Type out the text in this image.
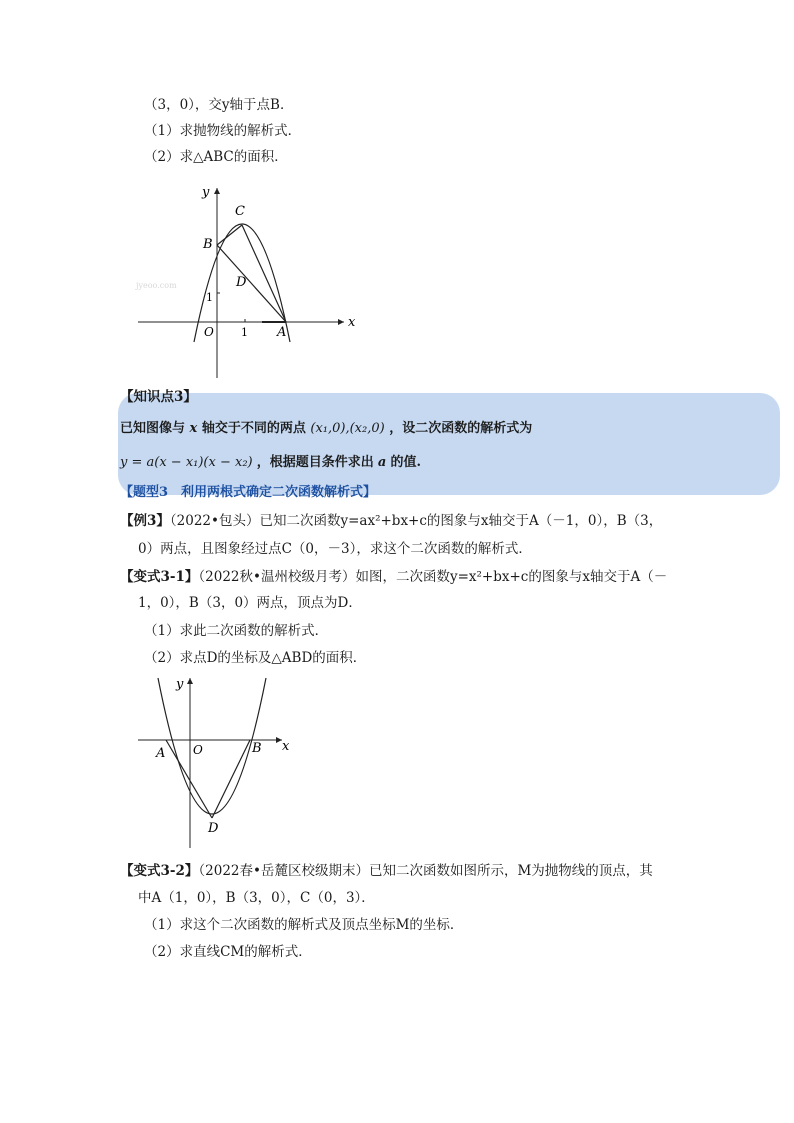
（3，0），交y轴于点B．
（1）求抛物线的解析式．
（2）求△ABC的面积．
jyeoo.com
y
x
O 1
1
C
B
D
A
【知识点3】
已知图像与 x 轴交于不同的两点 (x₁,0),(x₂,0) ，设二次函数的解析式为
y = a(x − x₁)(x − x₂) ，根据题目条件求出 a 的值.
【题型3　利用两根式确定二次函数解析式】
【例3】（2022•包头）已知二次函数y=ax²+bx+c的图象与x轴交于A（－1，0），B（3，
0）两点，且图象经过点C（0，－3），求这个二次函数的解析式．
【变式3-1】（2022秋•温州校级月考）如图，二次函数y=x²+bx+c的图象与x轴交于A（－
1，0），B（3，0）两点，顶点为D．
（1）求此二次函数的解析式．
（2）求点D的坐标及△ABD的面积．
y
x
O
A	B
D
【变式3-2】（2022春•岳麓区校级期末）已知二次函数如图所示，M为抛物线的顶点，其
中A（1，0），B（3，0），C（0，3）．
（1）求这个二次函数的解析式及顶点坐标M的坐标．
（2）求直线CM的解析式．
